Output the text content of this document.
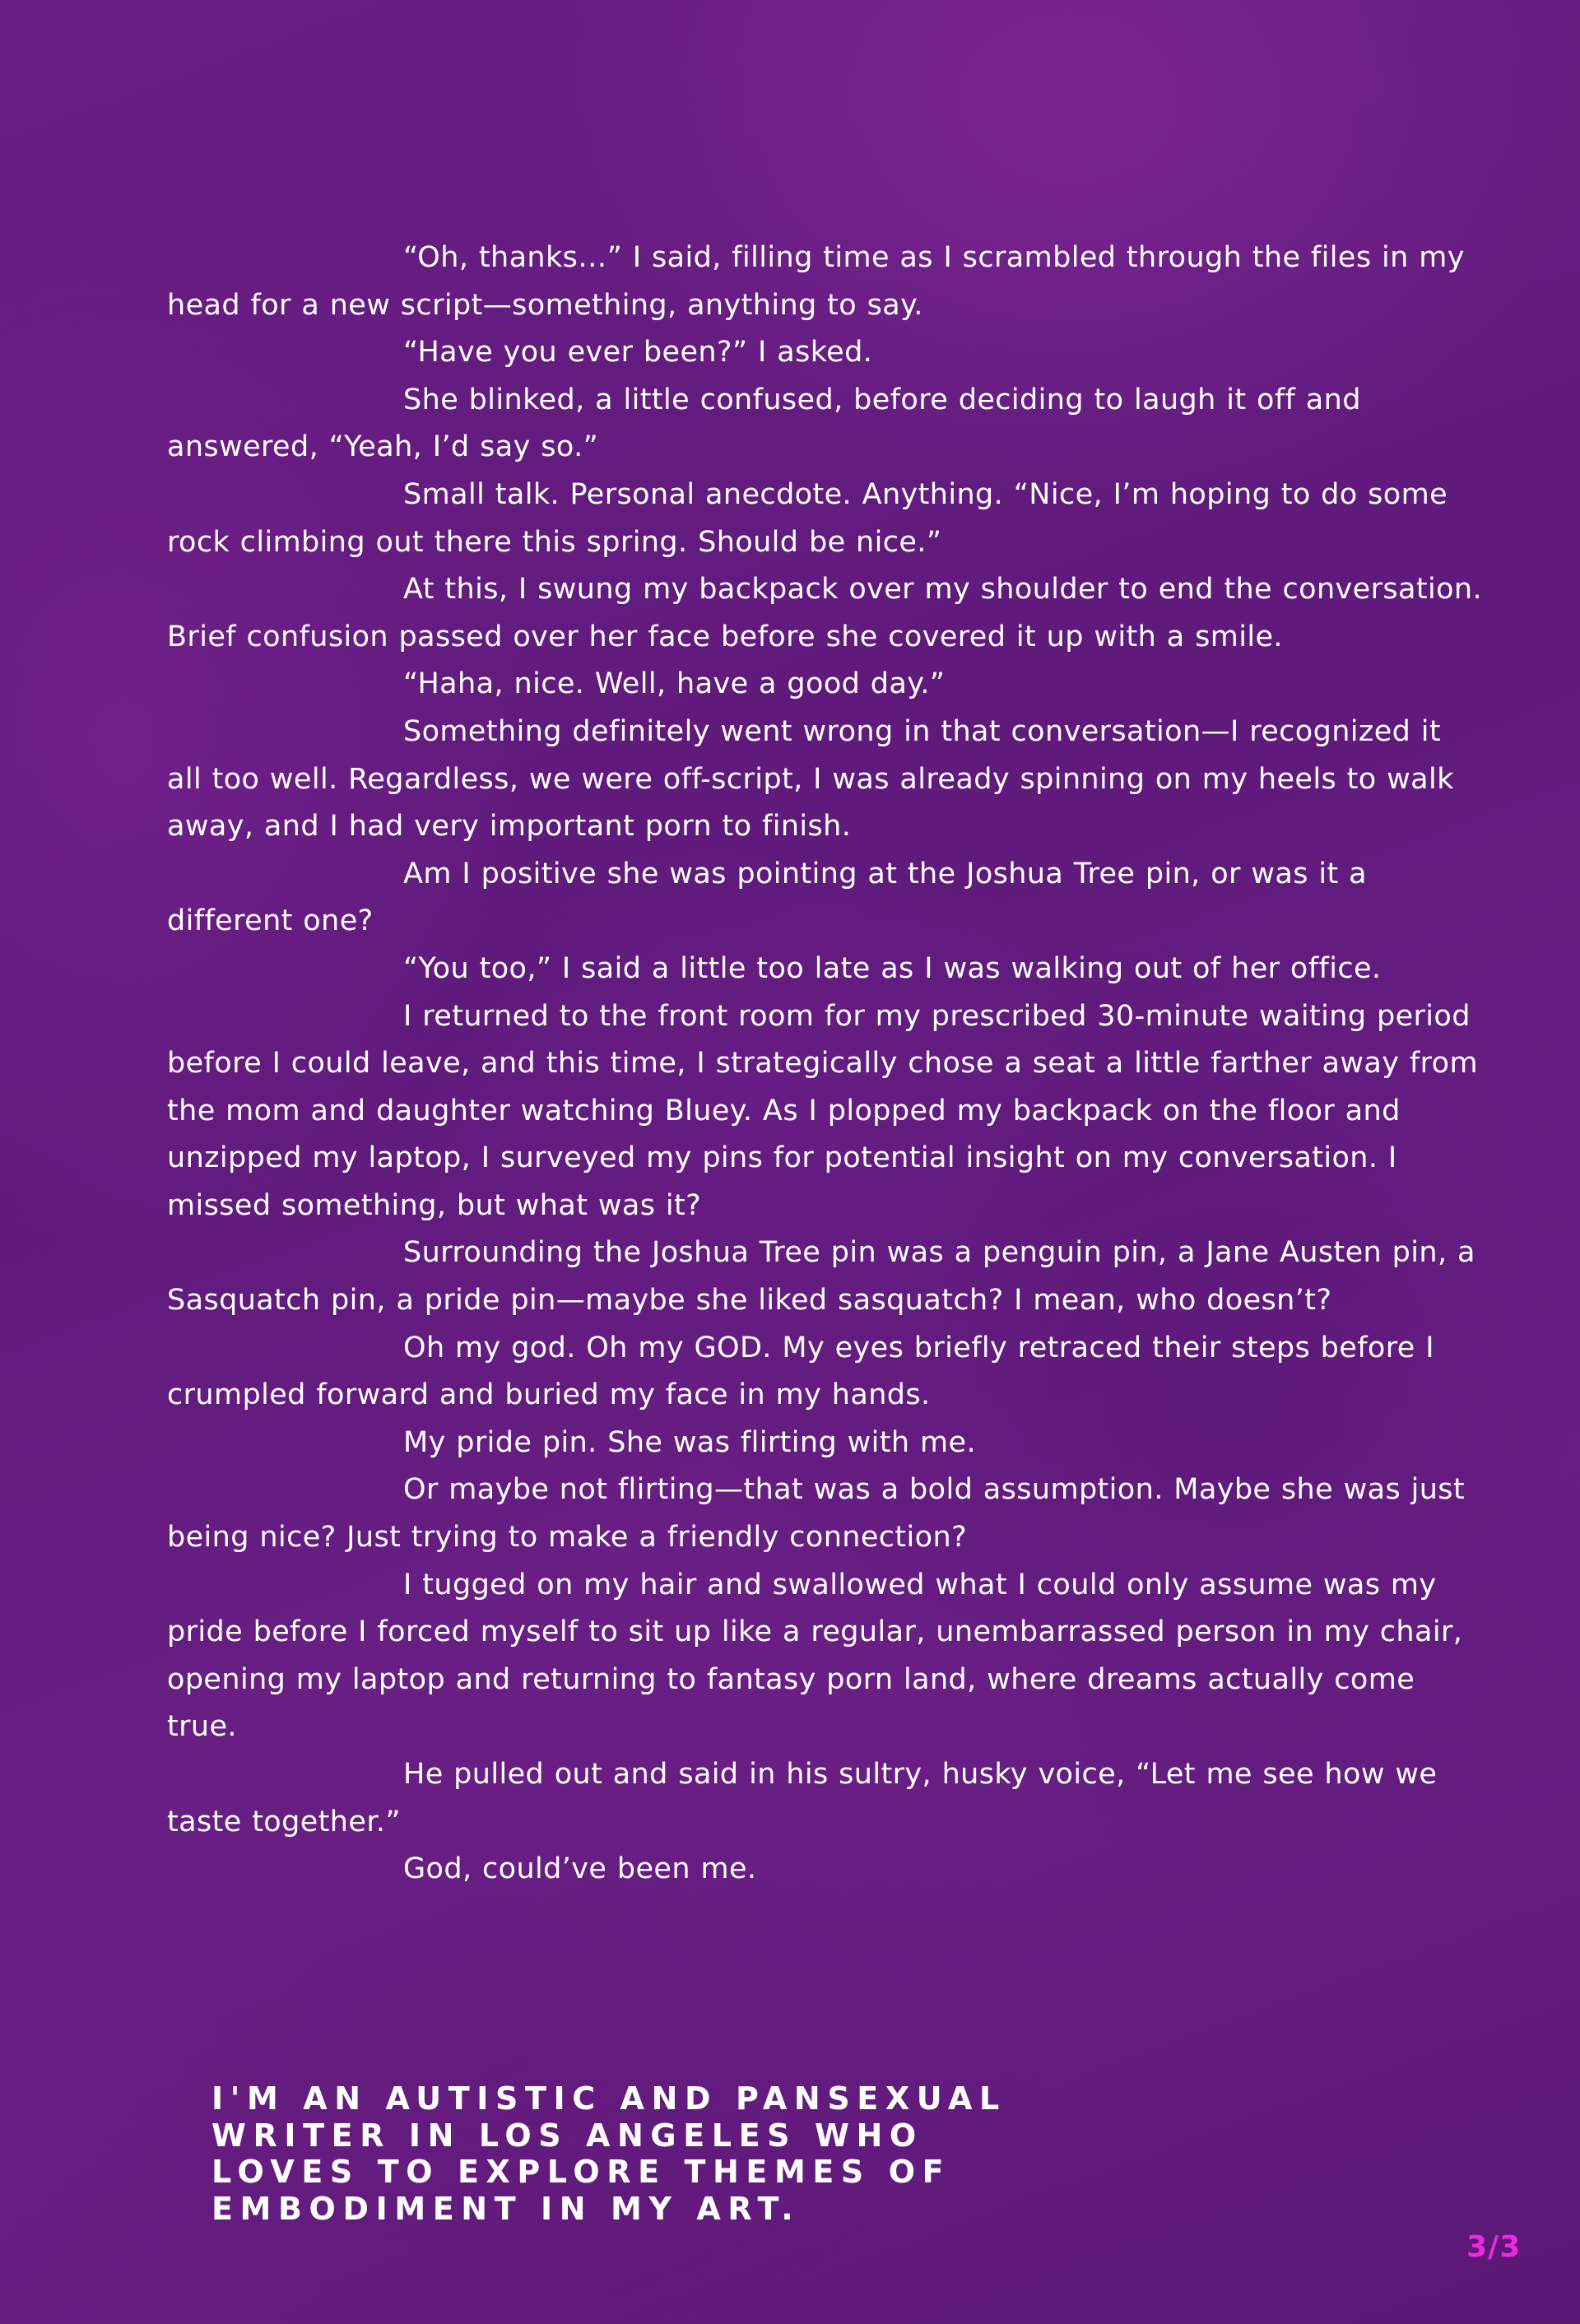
“Oh, thanks…” I said, filling time as I scrambled through the files in my head for a new script—something, anything to say.

“Have you ever been?” I asked.

She blinked, a little confused, before deciding to laugh it off and answered, “Yeah, I’d say so.”

Small talk. Personal anecdote. Anything. “Nice, I’m hoping to do some rock climbing out there this spring. Should be nice.”

At this, I swung my backpack over my shoulder to end the conversation. Brief confusion passed over her face before she covered it up with a smile.

“Haha, nice. Well, have a good day.”

Something definitely went wrong in that conversation—I recognized it all too well. Regardless, we were off-script, I was already spinning on my heels to walk away, and I had very important porn to finish.

Am I positive she was pointing at the Joshua Tree pin, or was it a different one?

“You too,” I said a little too late as I was walking out of her office.

I returned to the front room for my prescribed 30-minute waiting period before I could leave, and this time, I strategically chose a seat a little farther away from the mom and daughter watching Bluey. As I plopped my backpack on the floor and unzipped my laptop, I surveyed my pins for potential insight on my conversation. I missed something, but what was it?

Surrounding the Joshua Tree pin was a penguin pin, a Jane Austen pin, a Sasquatch pin, a pride pin—maybe she liked sasquatch? I mean, who doesn’t?

Oh my god. Oh my GOD. My eyes briefly retraced their steps before I crumpled forward and buried my face in my hands.

My pride pin. She was flirting with me.

Or maybe not flirting—that was a bold assumption. Maybe she was just being nice? Just trying to make a friendly connection?

I tugged on my hair and swallowed what I could only assume was my pride before I forced myself to sit up like a regular, unembarrassed person in my chair, opening my laptop and returning to fantasy porn land, where dreams actually come true.

He pulled out and said in his sultry, husky voice, “Let me see how we taste together.”

God, could’ve been me.

I'M AN AUTISTIC AND PANSEXUAL
WRITER IN LOS ANGELES WHO
LOVES TO EXPLORE THEMES OF
EMBODIMENT IN MY ART.
3/3
